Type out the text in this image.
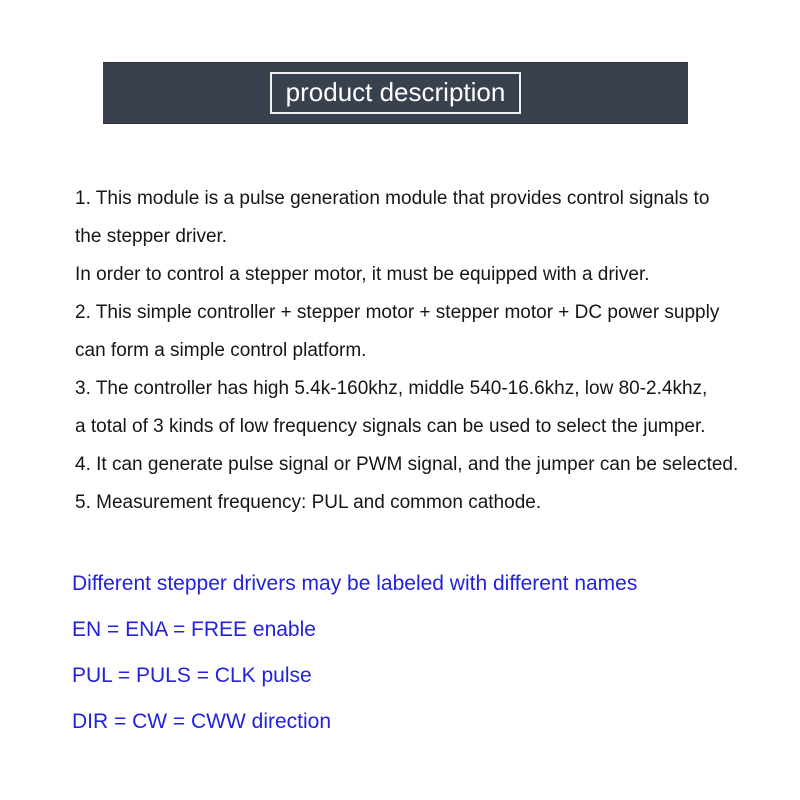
product description

1. This module is a pulse generation module that provides control signals to

the stepper driver.

In order to control a stepper motor, it must be equipped with a driver.

2. This simple controller + stepper motor + stepper motor + DC power supply

can form a simple control platform.

3. The controller has high 5.4k-160khz, middle 540-16.6khz, low 80-2.4khz,

a total of 3 kinds of low frequency signals can be used to select the jumper.

4. It can generate pulse signal or PWM signal, and the jumper can be selected.

5. Measurement frequency: PUL and common cathode.

Different stepper drivers may be labeled with different names

EN = ENA = FREE enable

PUL = PULS = CLK pulse

DIR = CW = CWW direction
